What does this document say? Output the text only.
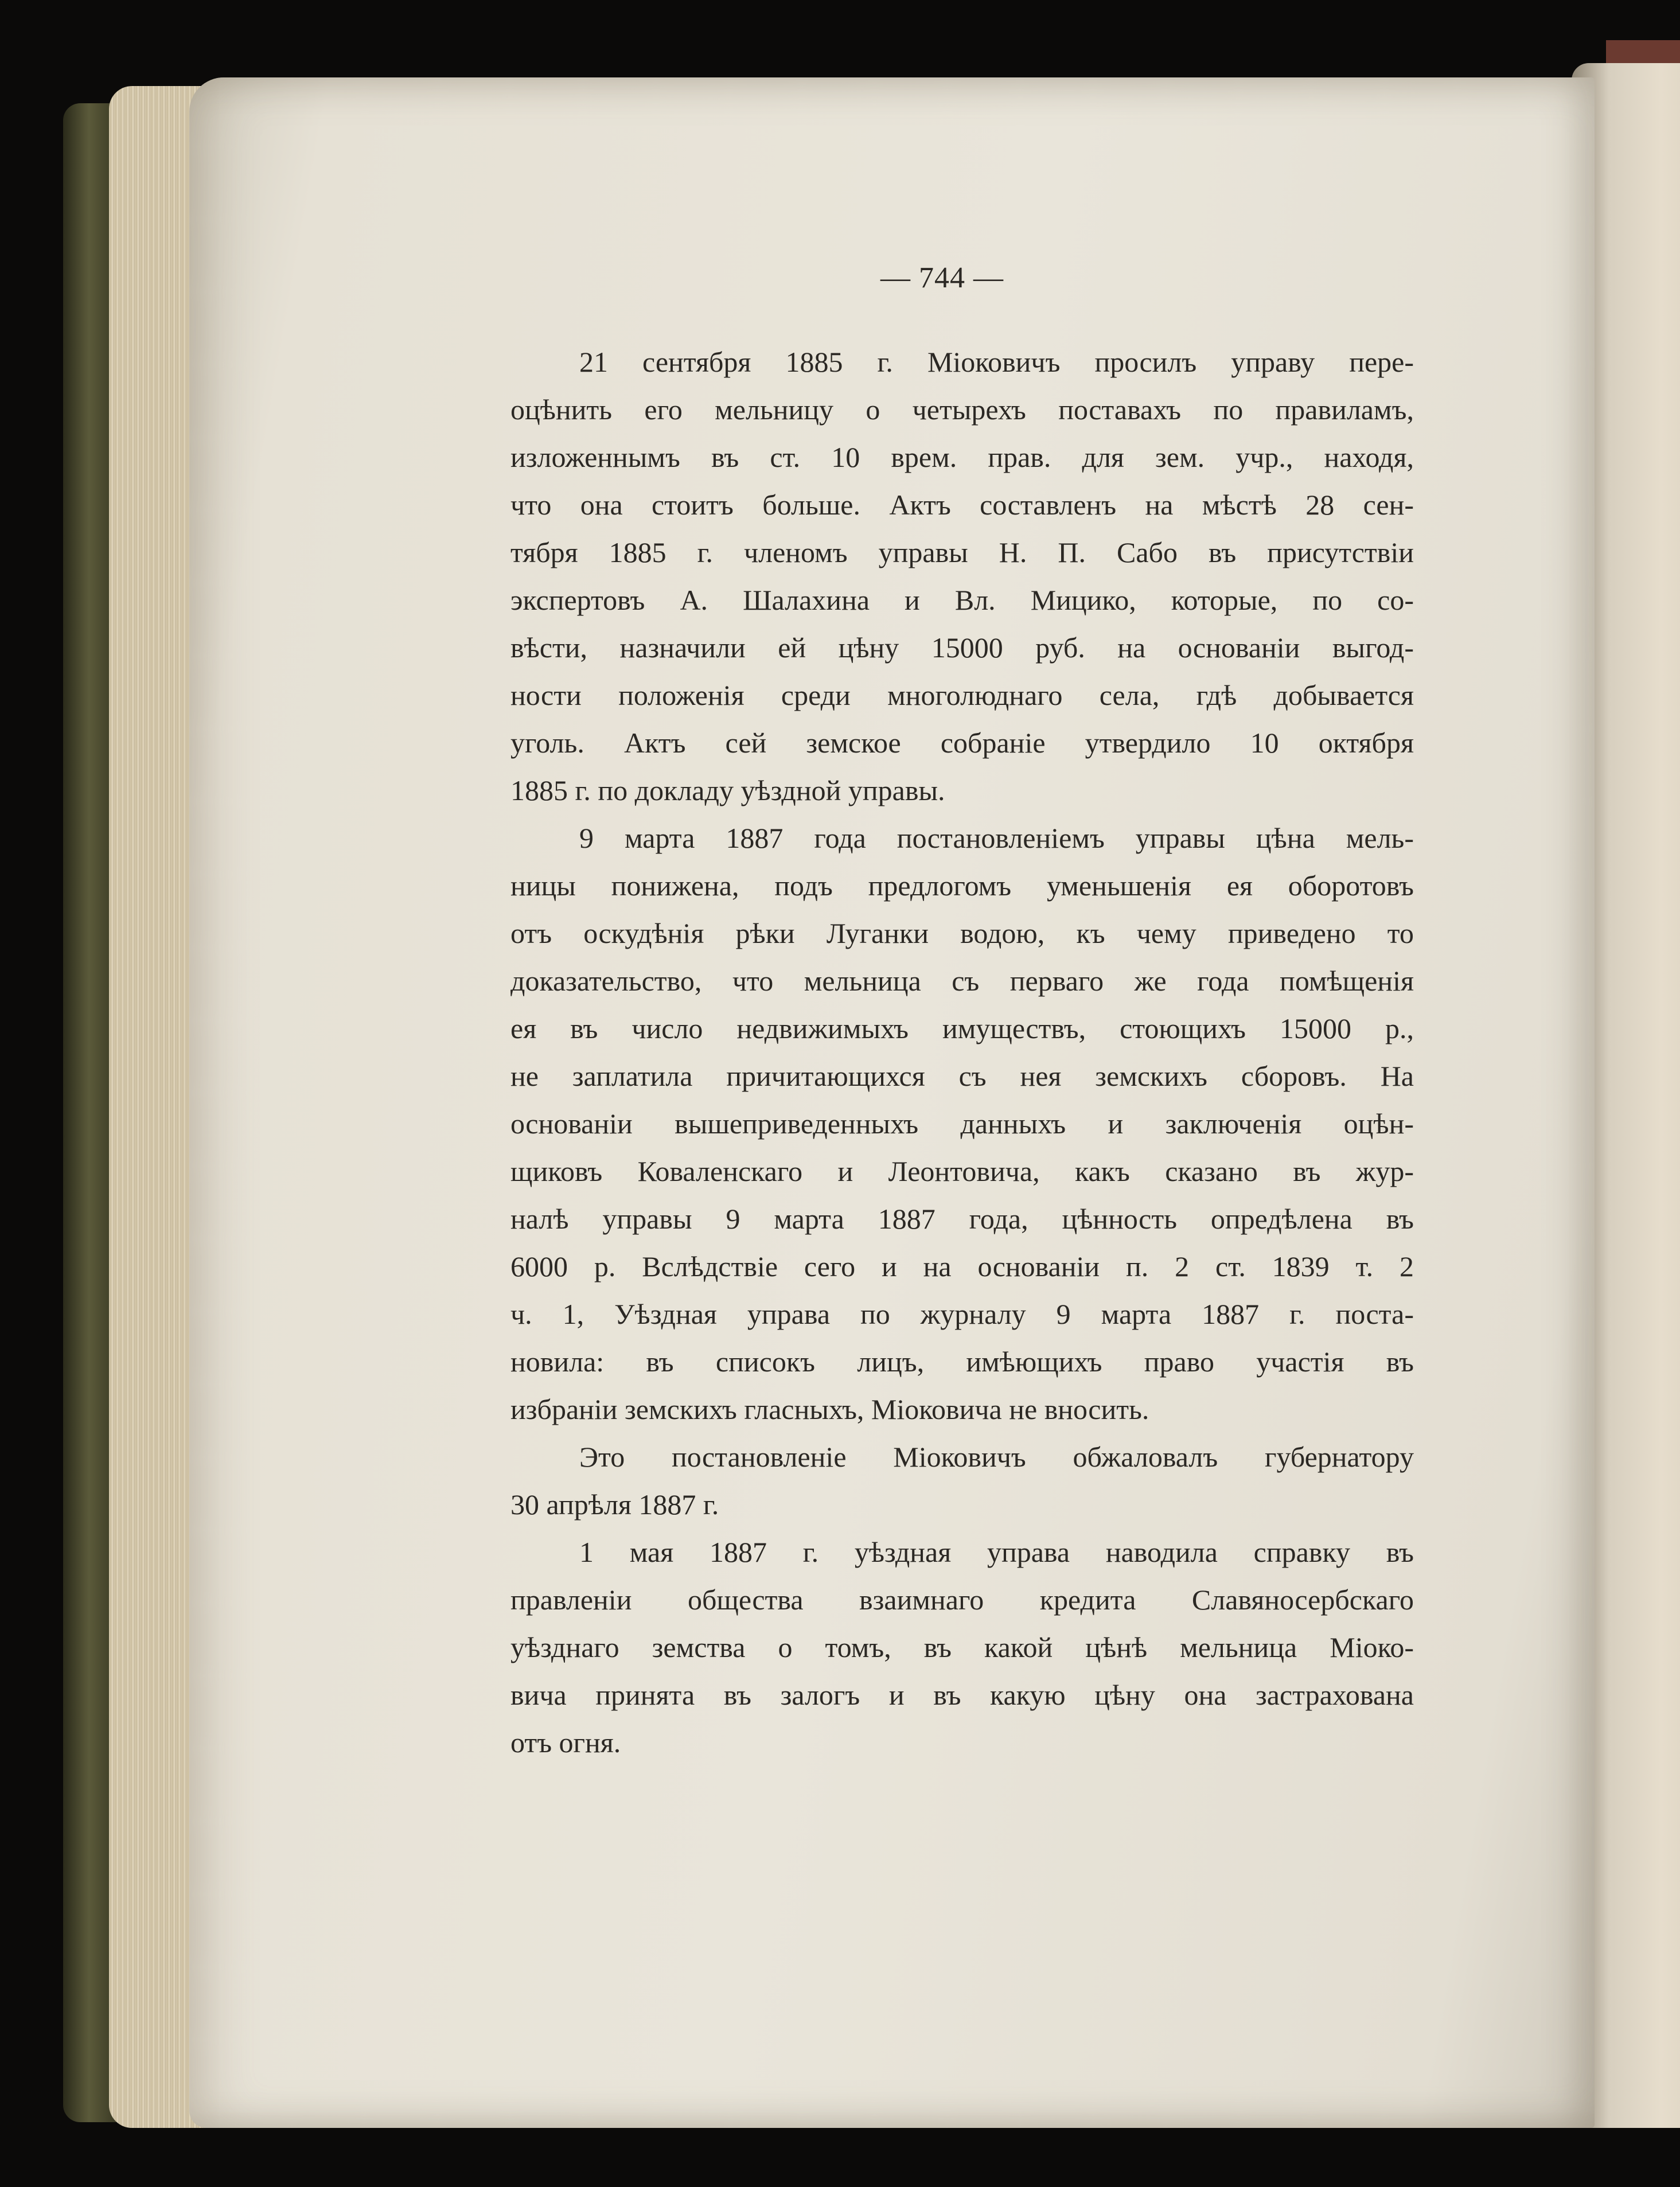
— 744 —
21 сентября 1885 г. Міоковичъ просилъ управу пере-
оцѣнить его мельницу о четырехъ поставахъ по правиламъ,
изложеннымъ въ ст. 10 врем. прав. для зем. учр., находя,
что она стоитъ больше. Актъ составленъ на мѣстѣ 28 сен-
тября 1885 г. членомъ управы Н. П. Сабо въ присутствіи
экспертовъ А. Шалахина и Вл. Мицико, которые, по со-
вѣсти, назначили ей цѣну 15000 руб. на основаніи выгод-
ности положенія среди многолюднаго села, гдѣ добывается
уголь. Актъ сей земское собраніе утвердило 10 октября
1885 г. по докладу уѣздной управы.
9 марта 1887 года постановленіемъ управы цѣна мель-
ницы понижена, подъ предлогомъ уменьшенія ея оборотовъ
отъ оскудѣнія рѣки Луганки водою, къ чему приведено то
доказательство, что мельница съ перваго же года помѣщенія
ея въ число недвижимыхъ имуществъ, стоющихъ 15000 р.,
не заплатила причитающихся съ нея земскихъ сборовъ. На
основаніи вышеприведенныхъ данныхъ и заключенія оцѣн-
щиковъ Коваленскаго и Леонтовича, какъ сказано въ жур-
налѣ управы 9 марта 1887 года, цѣнность опредѣлена въ
6000 р. Вслѣдствіе сего и на основаніи п. 2 ст. 1839 т. 2
ч. 1, Уѣздная управа по журналу 9 марта 1887 г. поста-
новила: въ списокъ лицъ, имѣющихъ право участія въ
избраніи земскихъ гласныхъ, Міоковича не вносить.
Это постановленіе Міоковичъ обжаловалъ губернатору
30 апрѣля 1887 г.
1 мая 1887 г. уѣздная управа наводила справку въ
правленіи общества взаимнаго кредита Славяносербскаго
уѣзднаго земства о томъ, въ какой цѣнѣ мельница Міоко-
вича принята въ залогъ и въ какую цѣну она застрахована
отъ огня.
